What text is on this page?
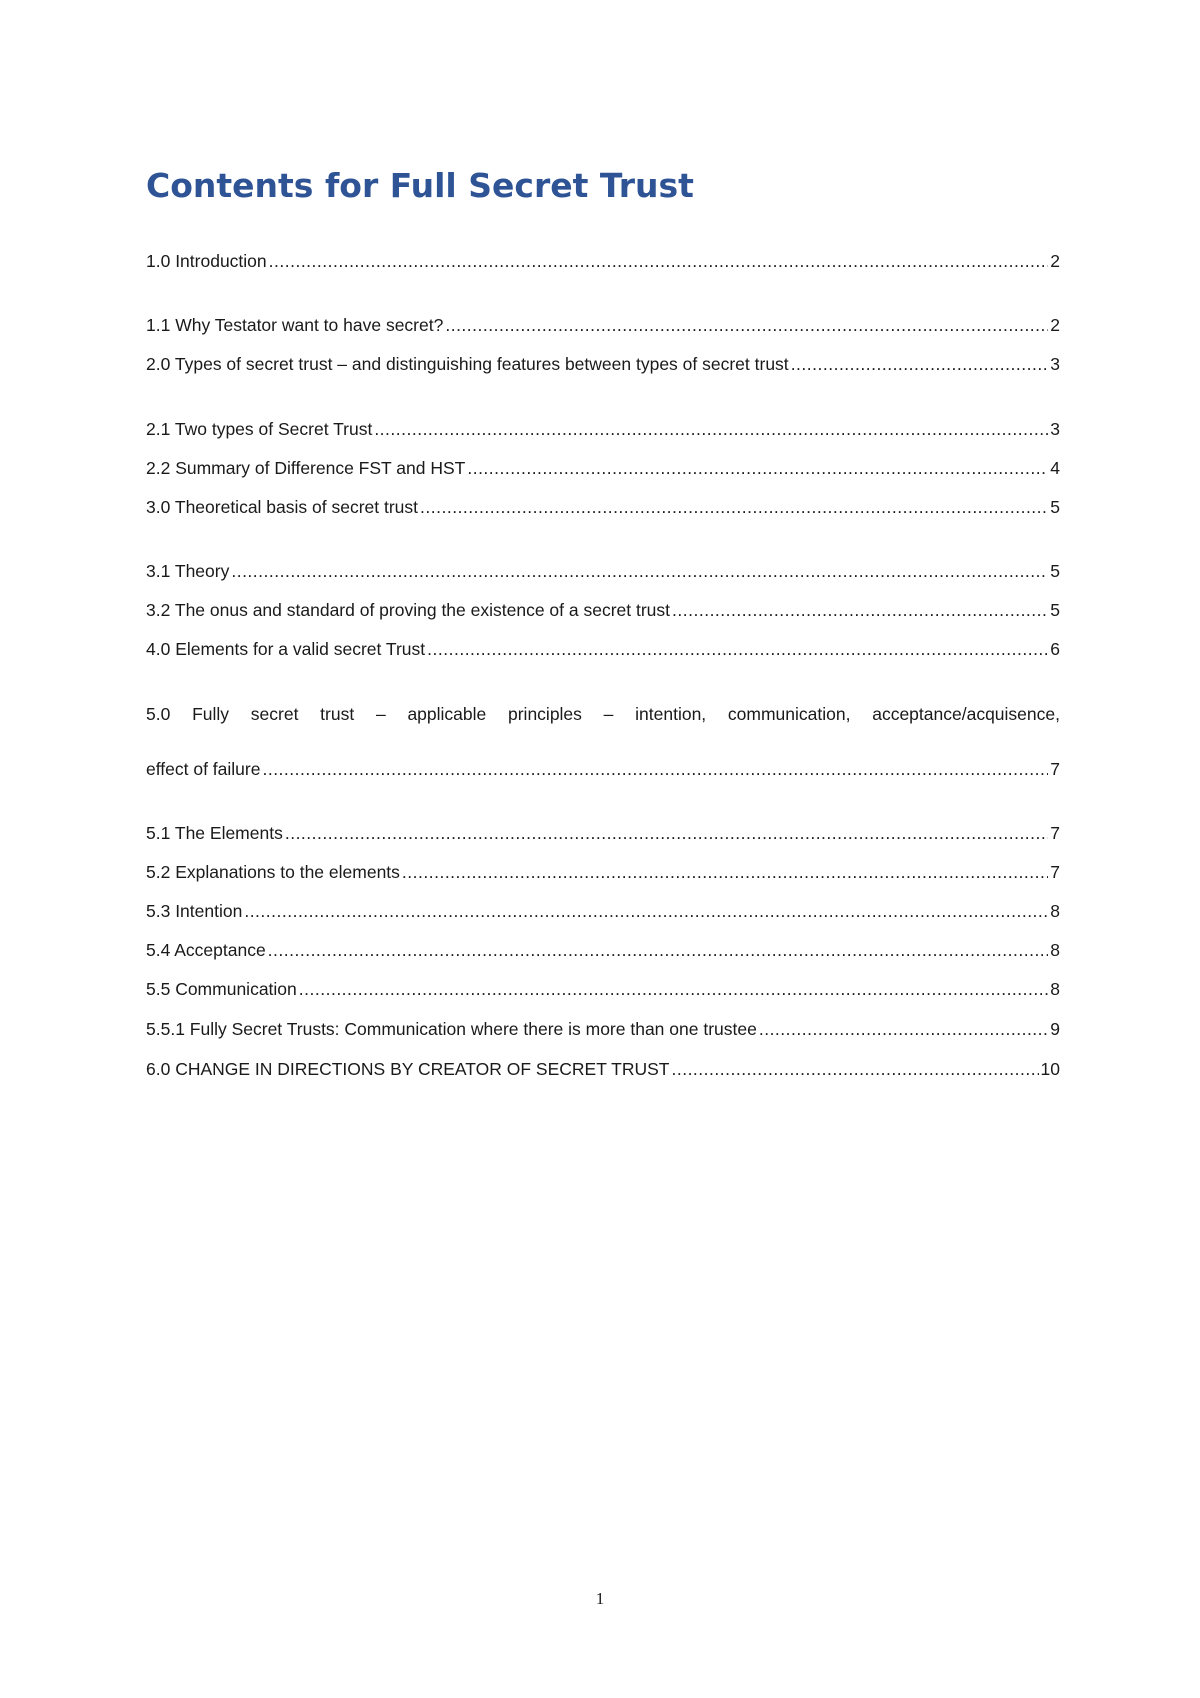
Contents for Full Secret Trust
1.0 Introduction .....	2
1.1 Why Testator want to have secret? .....	2
2.0 Types of secret trust – and distinguishing features between types of secret trust .....	3
2.1 Two types of Secret Trust .....	3
2.2 Summary of Difference FST and HST .....	4
3.0 Theoretical basis of secret trust .....	5
3.1 Theory .....	5
3.2 The onus and standard of proving the existence of a secret trust .....	5
4.0 Elements for a valid secret Trust .....	6
5.0 Fully secret trust – applicable principles – intention, communication, acceptance/acquisence,
effect of failure .....	7
5.1 The Elements .....	7
5.2 Explanations to the elements .....	7
5.3 Intention .....	8
5.4 Acceptance .....	8
5.5 Communication .....	8
5.5.1 Fully Secret Trusts: Communication where there is more than one trustee .....	9
6.0 CHANGE IN DIRECTIONS BY CREATOR OF SECRET TRUST .....	10
1
